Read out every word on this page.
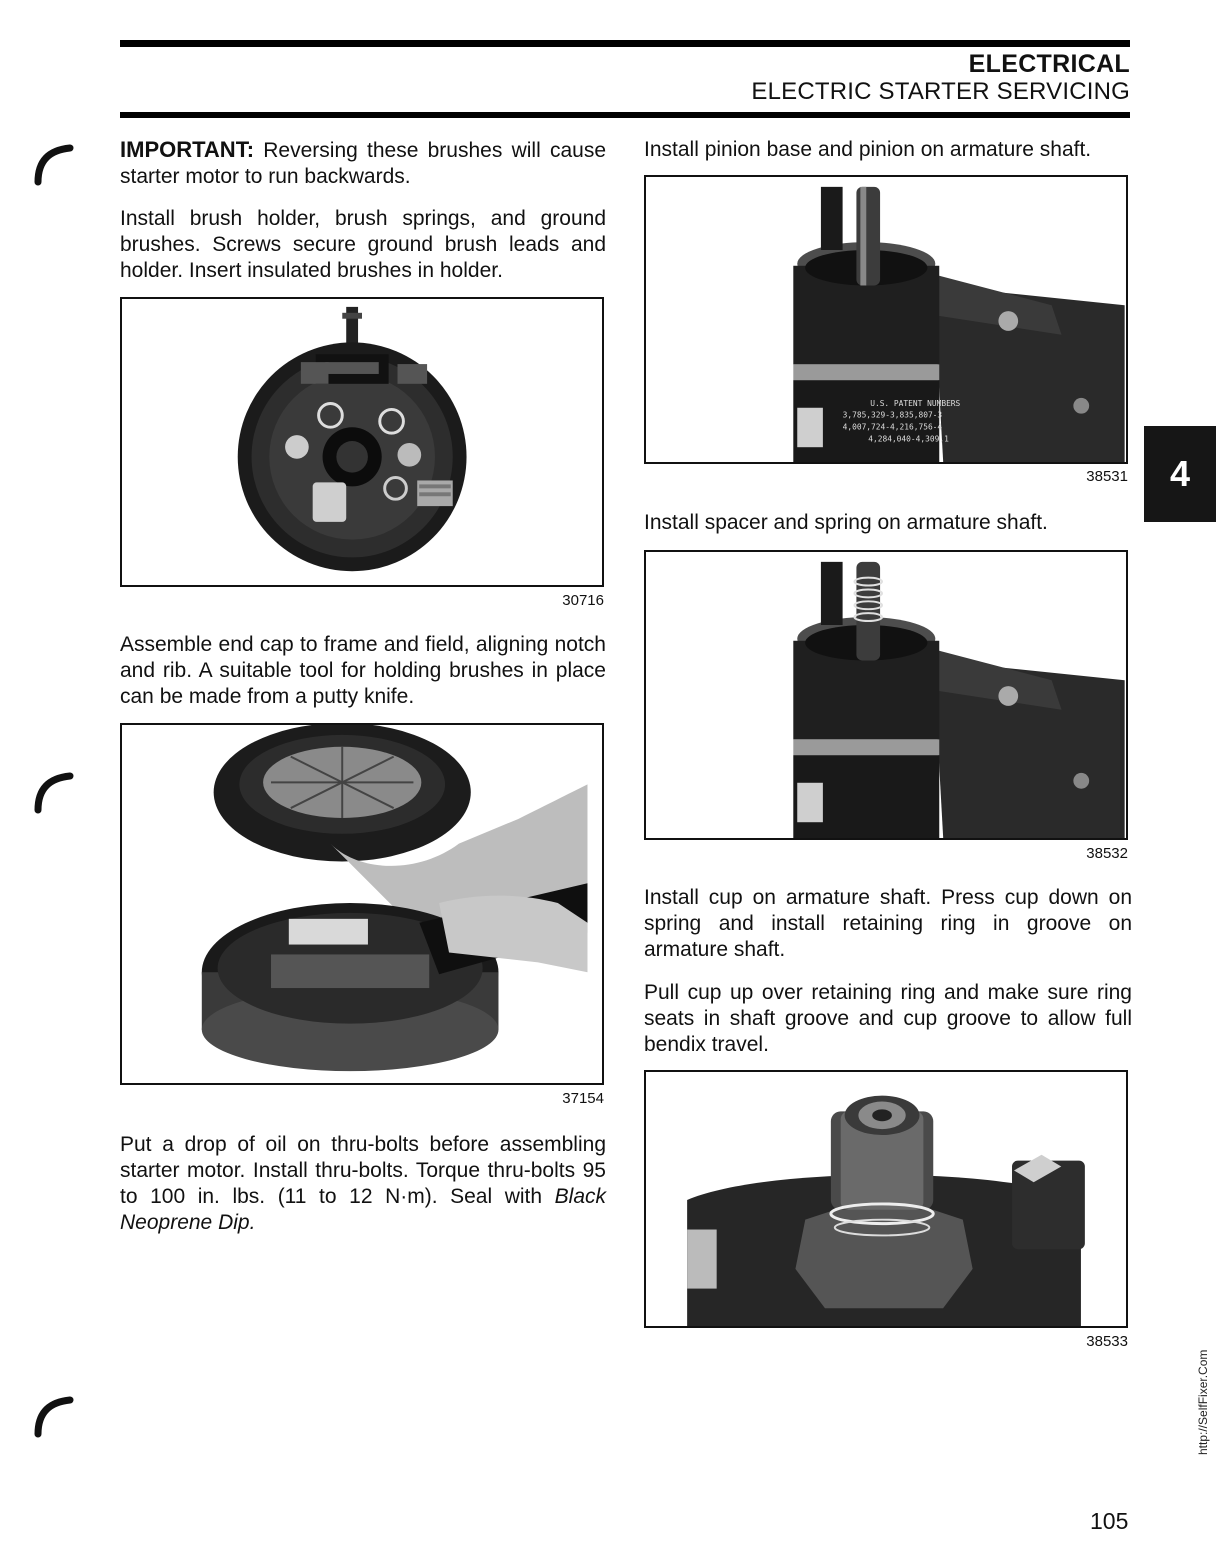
ELECTRICAL
ELECTRIC STARTER SERVICING
IMPORTANT: Reversing these brushes will cause starter motor to run backwards.
Install brush holder, brush springs, and ground brushes. Screws secure ground brush leads and holder. Insert insulated brushes in holder.
30716
Assemble end cap to frame and field, aligning notch and rib. A suitable tool for holding brushes in place can be made from a putty knife.
37154
Put a drop of oil on thru-bolts before assembling starter motor. Install thru-bolts. Torque thru-bolts 95 to 100 in. lbs. (11 to 12 N·m). Seal with Black Neoprene Dip.
Install pinion base and pinion on armature shaft.
U.S. PATENT NUMBERS
3,785,329-3,835,807-3
4,007,724-4,216,756-4
4,284,040-4,309,1
38531
Install spacer and spring on armature shaft.
38532
Install cup on armature shaft. Press cup down on spring and install retaining ring in groove on armature shaft.
Pull cup up over retaining ring and make sure ring seats in shaft groove and cup groove to allow full bendix travel.
38533
4
105
http://SelfFixer.Com
